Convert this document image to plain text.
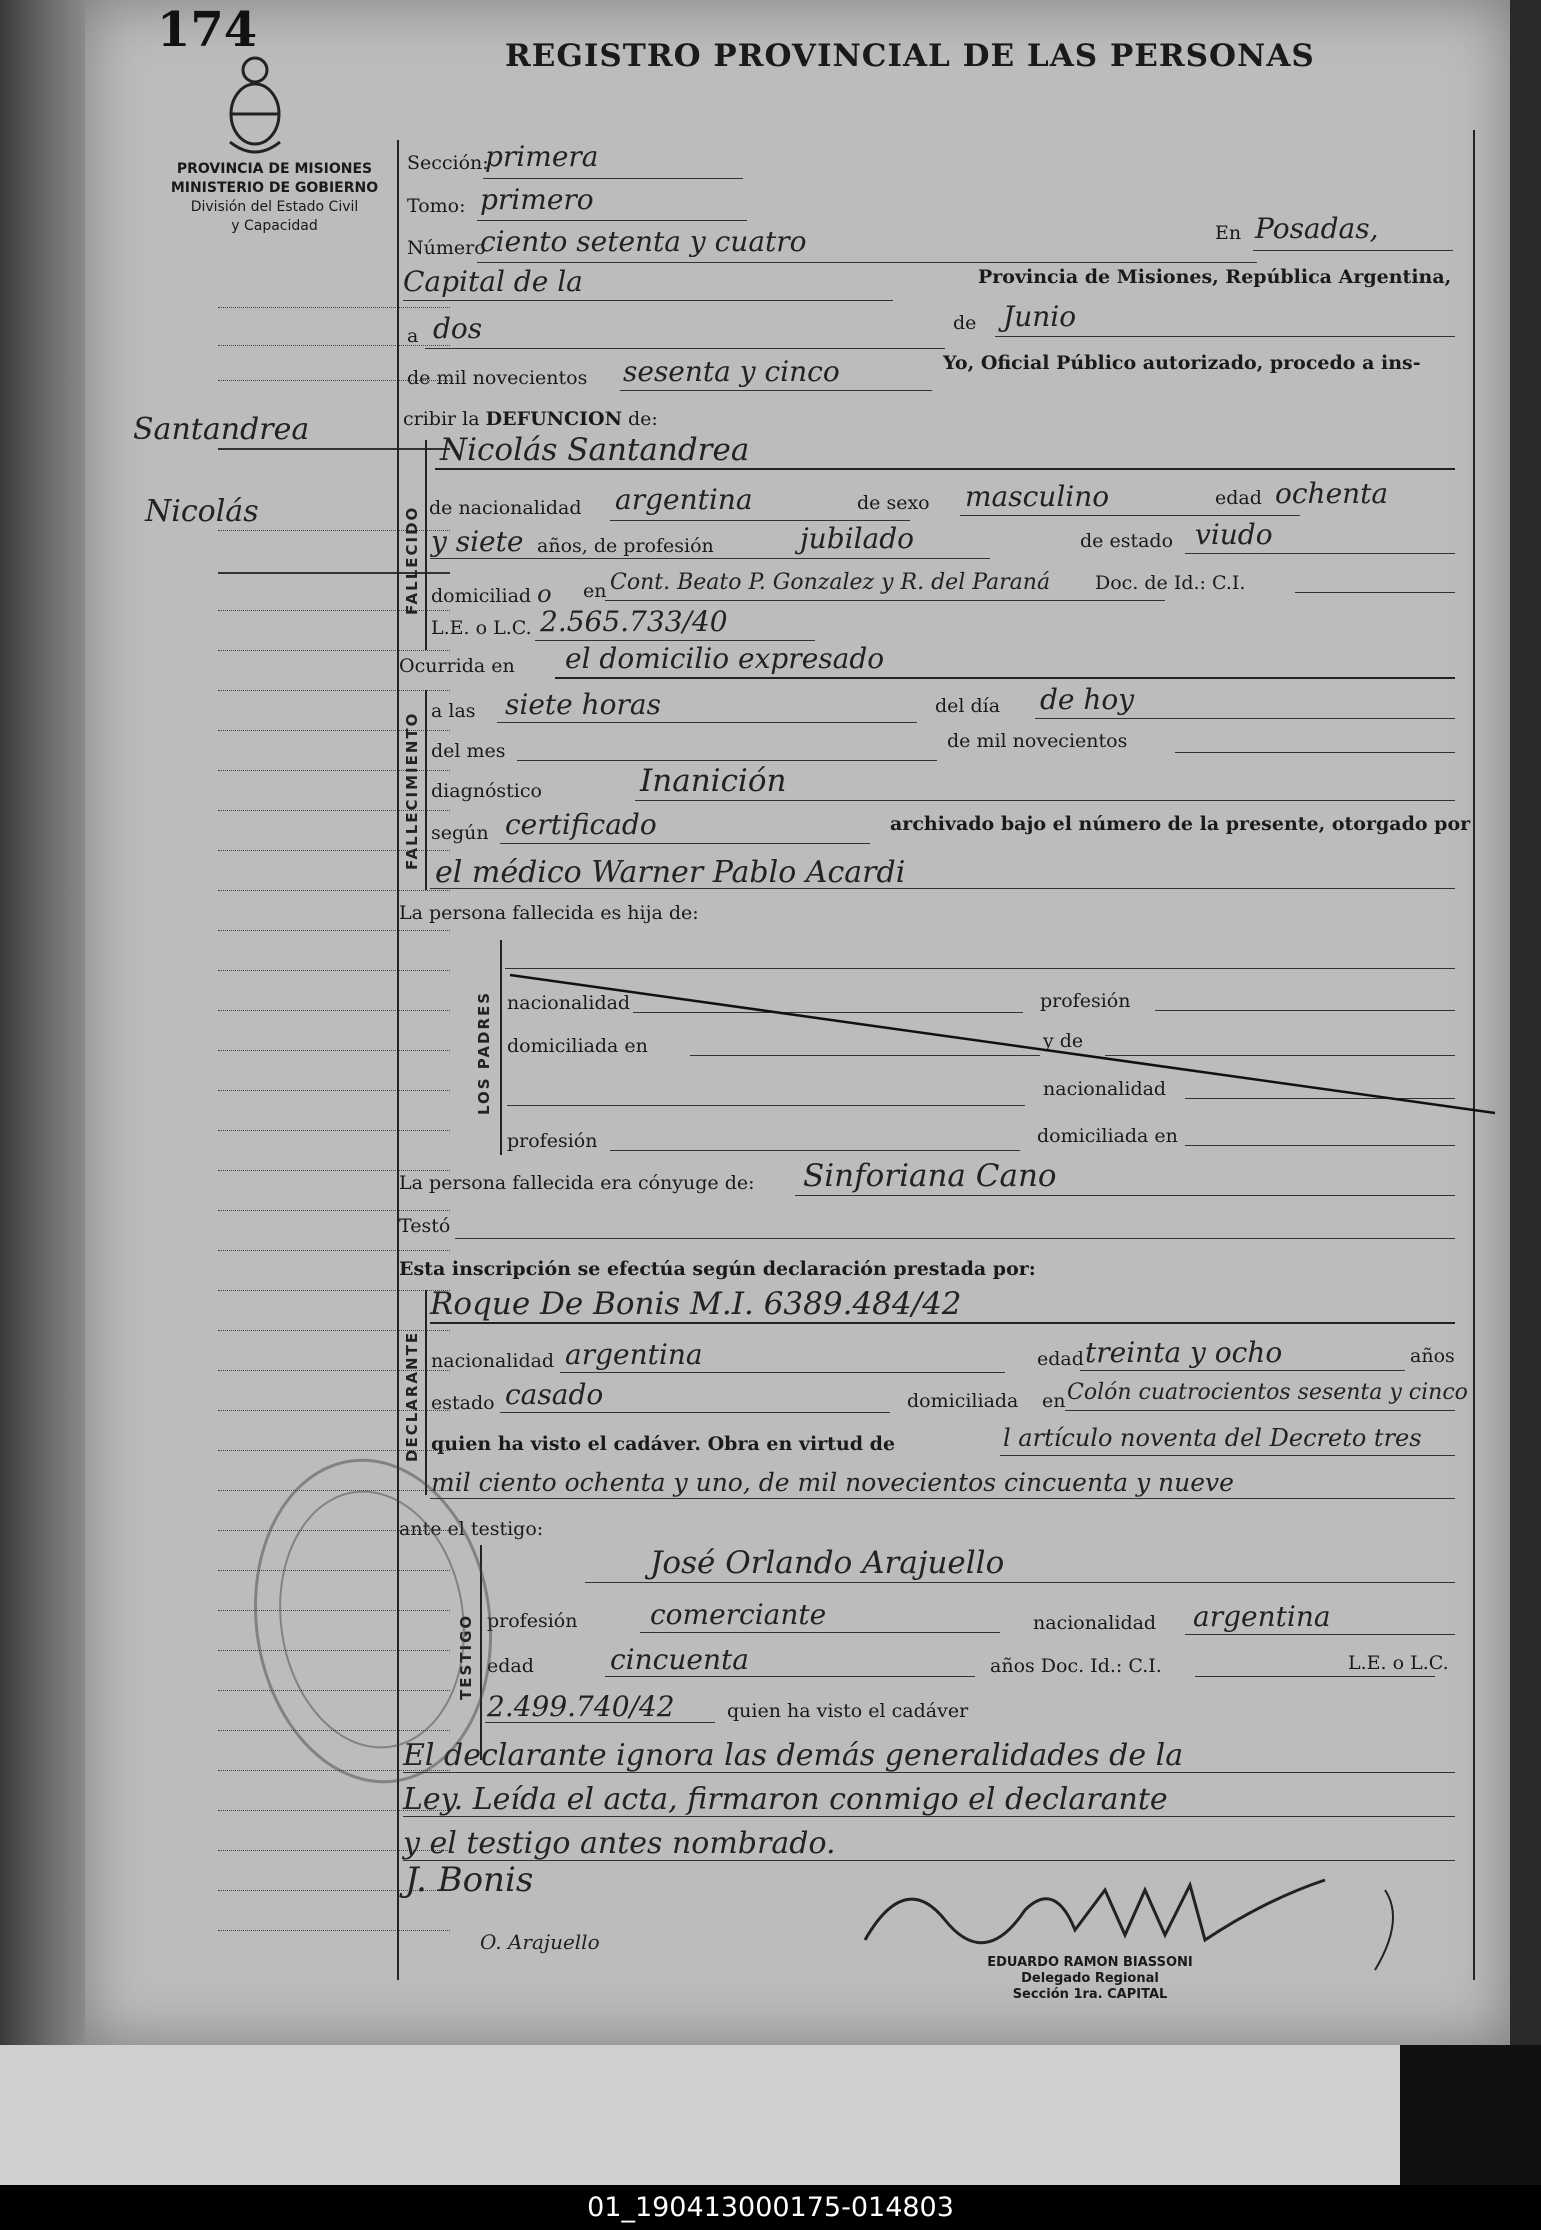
174	REGISTRO PROVINCIAL DE LAS PERSONAS
PROVINCIA DE MISIONES
MINISTERIO DE GOBIERNO
División del Estado Civil
y Capacidad
Santandrea
Nicolás
Sección:
primera
Tomo: primero
Número
ciento setenta y cuatro	En Posadas,
Capital de la	Provincia de Misiones, República Argentina,
a dos	de Junio
de mil novecientos sesenta y cinco	Yo, Oficial Público autorizado, procedo a ins-
cribir la DEFUNCION de:
FALLECIDO
Nicolás Santandrea
de nacionalidad argentina	de sexo masculino	edad ochenta
y siete años, de profesión	jubilado	de estado viudo
domiciliad o en Cont. Beato P. Gonzalez y R. del Paraná Doc. de Id.: C.I.
L.E. o L.C. 2.565.733/40
Ocurrida en el domicilio expresado
FALLECIMIENTO
a las siete horas	del día de hoy
del mes	de mil novecientos
diagnóstico	Inanición
según certificado	archivado bajo el número de la presente, otorgado por
el médico Warner Pablo Acardi
La persona fallecida es hija de:
LOS PADRES nacionalidad	profesión
domiciliada en	y de
nacionalidad
profesión	domiciliada en
La persona fallecida era cónyuge de: Sinforiana Cano
Testó
Esta inscripción se efectúa según declaración prestada por:
DECLARANTE
Roque De Bonis M.I. 6389.484/42
nacionalidad argentina	edad treinta y ocho	años
estado casado	domiciliada en Colón cuatrocientos sesenta y cinco
quien ha visto el cadáver. Obra en virtud de	l artículo noventa del Decreto tres
mil ciento ochenta y uno, de mil novecientos cincuenta y nueve
ante el testigo:
TESTIGO
José Orlando Arajuello
profesión	comerciante	nacionalidad argentina
edad	cincuenta	años Doc. Id.: C.I.	L.E. o L.C.
2.499.740/42	quien ha visto el cadáver
El declarante ignora las demás generalidades de la
Ley. Leída el acta, firmaron conmigo el declarante
y el testigo antes nombrado.
J. Bonis
O. Arajuello
EDUARDO RAMON BIASSONI
Delegado Regional
Sección 1ra. CAPITAL
01_190413000175-014803
